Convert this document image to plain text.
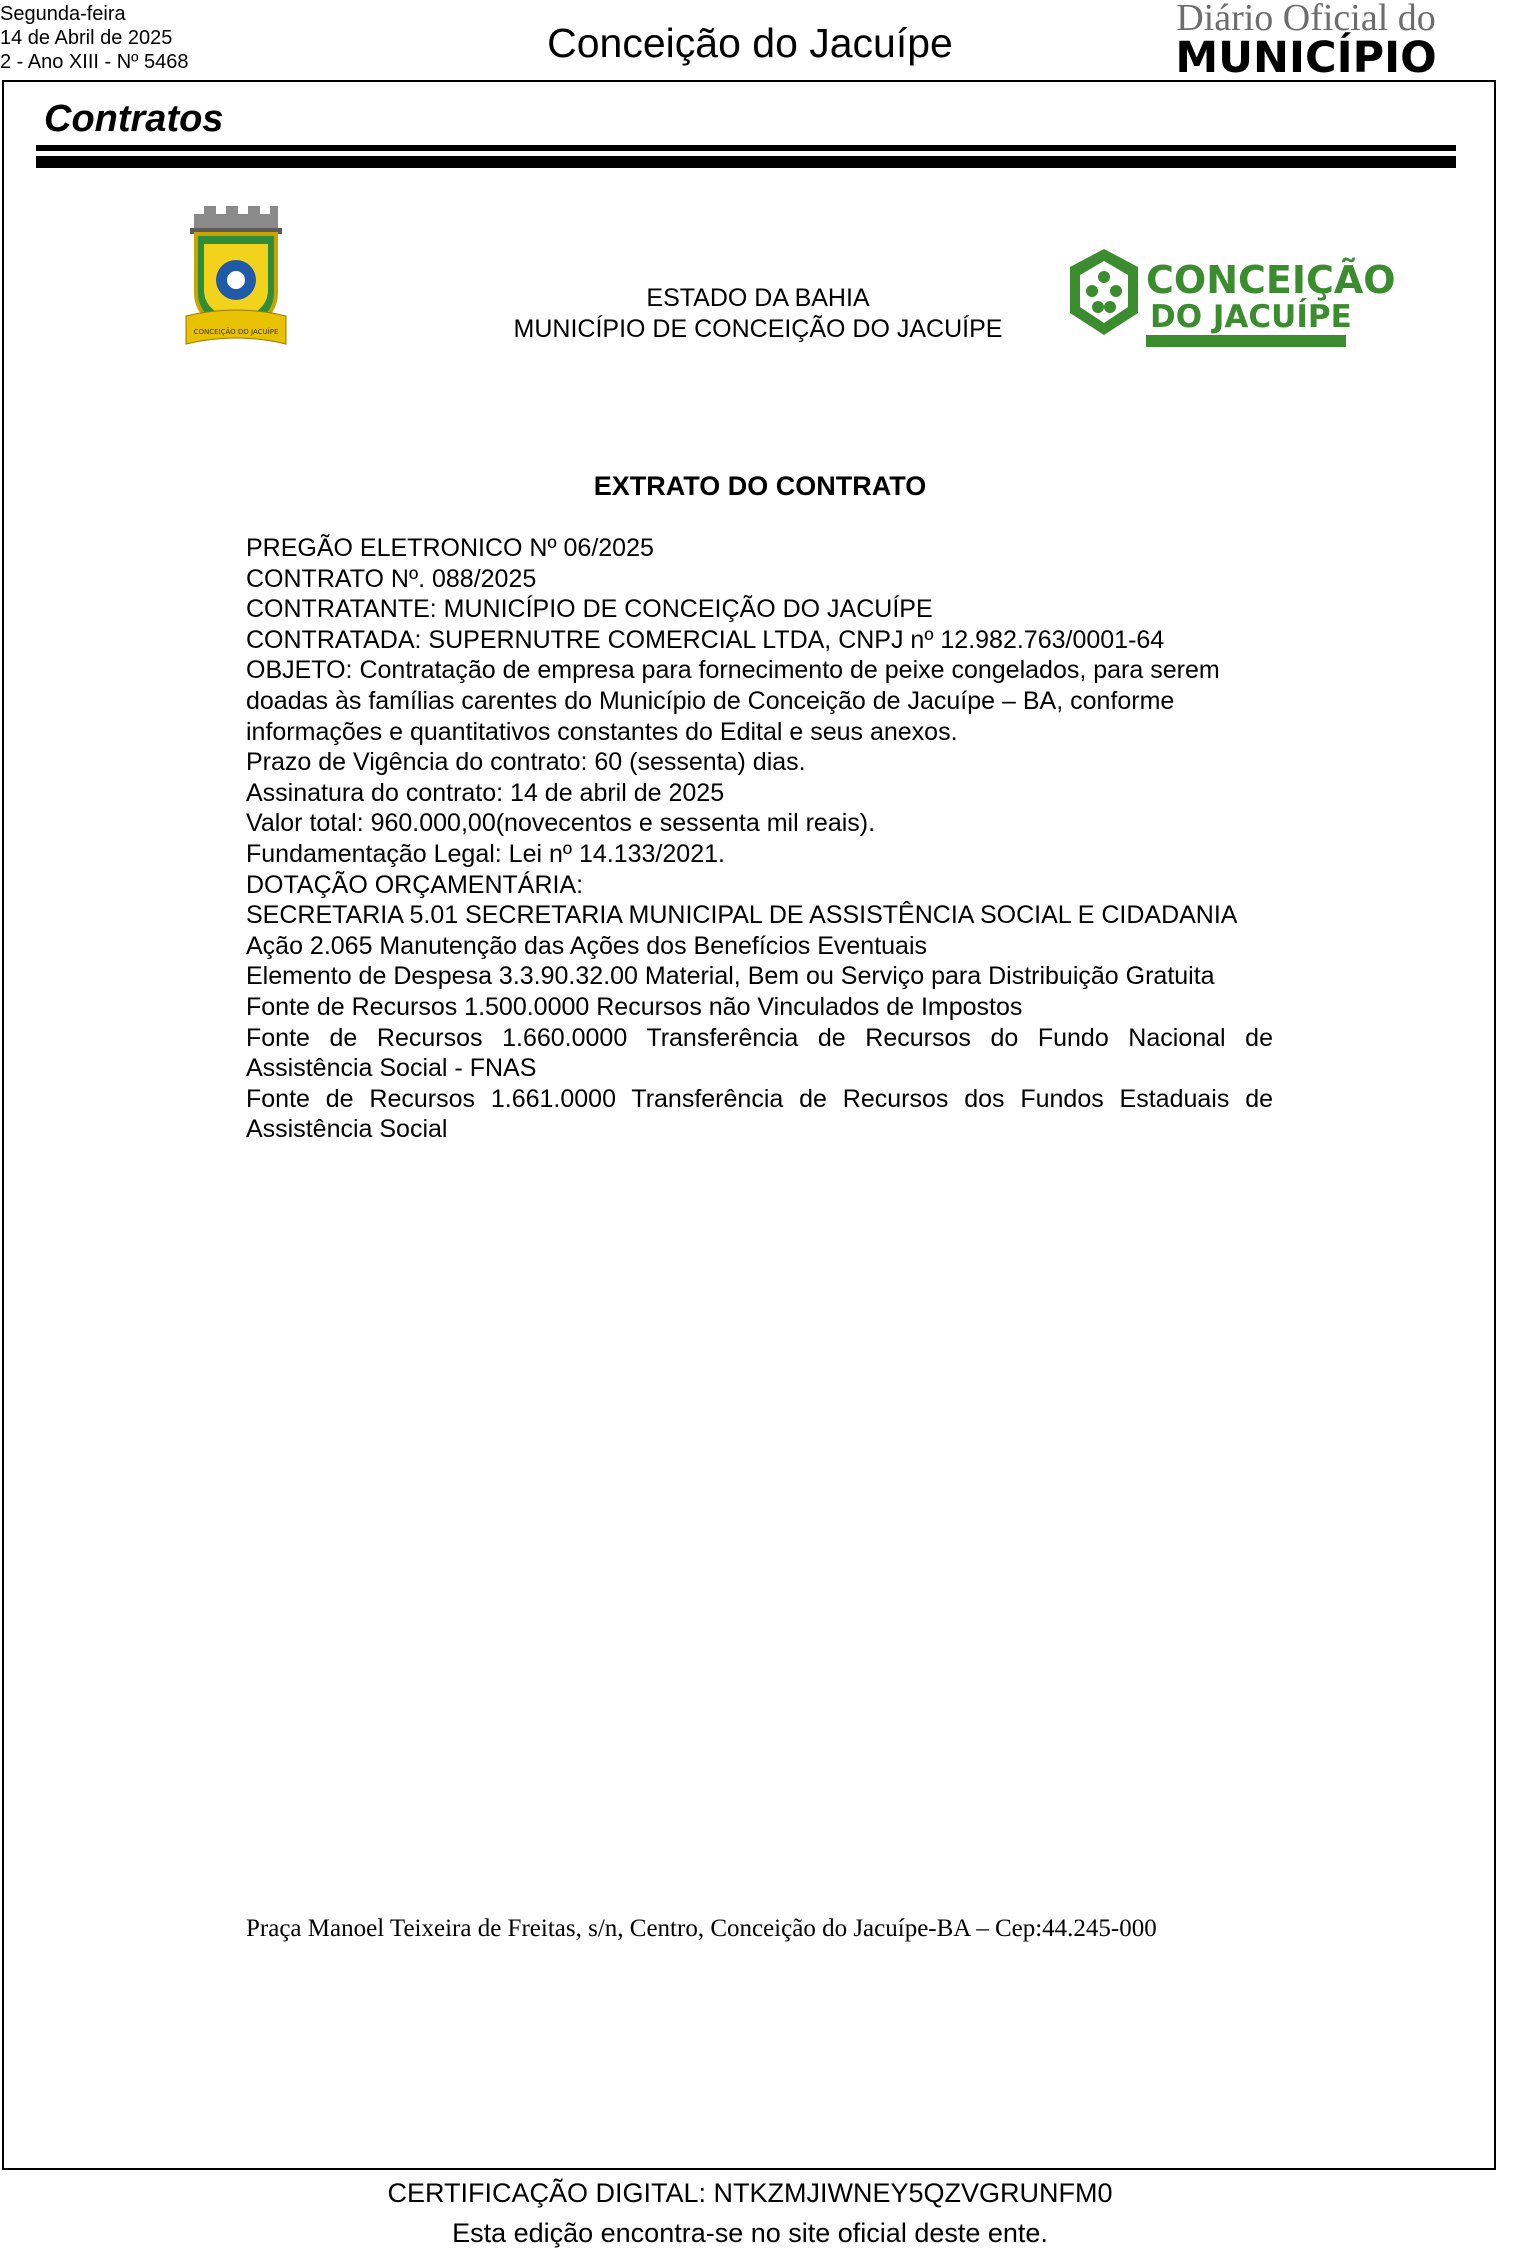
Segunda-feira
14 de Abril de 2025
2 - Ano XIII - Nº 5468	Conceição do Jacuípe
Diário Oficial do
MUNICÍPIO
Contratos
CONCEIÇÃO DO JACUÍPE
CONCEIÇÃO
DO JACUÍPE
ESTADO DA BAHIA
MUNICÍPIO DE CONCEIÇÃO DO JACUÍPE
EXTRATO DO CONTRATO
PREGÃO ELETRONICO Nº 06/2025
CONTRATO Nº. 088/2025
CONTRATANTE: MUNICÍPIO DE CONCEIÇÃO DO JACUÍPE
CONTRATADA: SUPERNUTRE COMERCIAL LTDA, CNPJ nº 12.982.763/0001-64
OBJETO: Contratação de empresa para fornecimento de peixe congelados, para serem doadas às famílias carentes do Município de Conceição de Jacuípe – BA, conforme informações e quantitativos constantes do Edital e seus anexos.
Prazo de Vigência do contrato: 60 (sessenta) dias.
Assinatura do contrato: 14 de abril de 2025
Valor total: 960.000,00(novecentos e sessenta mil reais).
Fundamentação Legal: Lei nº 14.133/2021.
DOTAÇÃO ORÇAMENTÁRIA:
SECRETARIA 5.01 SECRETARIA MUNICIPAL DE ASSISTÊNCIA SOCIAL E CIDADANIA
Ação 2.065 Manutenção das Ações dos Benefícios Eventuais
Elemento de Despesa 3.3.90.32.00 Material, Bem ou Serviço para Distribuição Gratuita
Fonte de Recursos 1.500.0000 Recursos não Vinculados de Impostos
Fonte de Recursos 1.660.0000 Transferência de Recursos do Fundo Nacional de Assistência Social - FNAS
Fonte de Recursos 1.661.0000 Transferência de Recursos dos Fundos Estaduais de Assistência Social
Praça Manoel Teixeira de Freitas, s/n, Centro, Conceição do Jacuípe-BA – Cep:44.245-000
CERTIFICAÇÃO DIGITAL: NTKZMJIWNEY5QZVGRUNFM0
Esta edição encontra-se no site oficial deste ente.
